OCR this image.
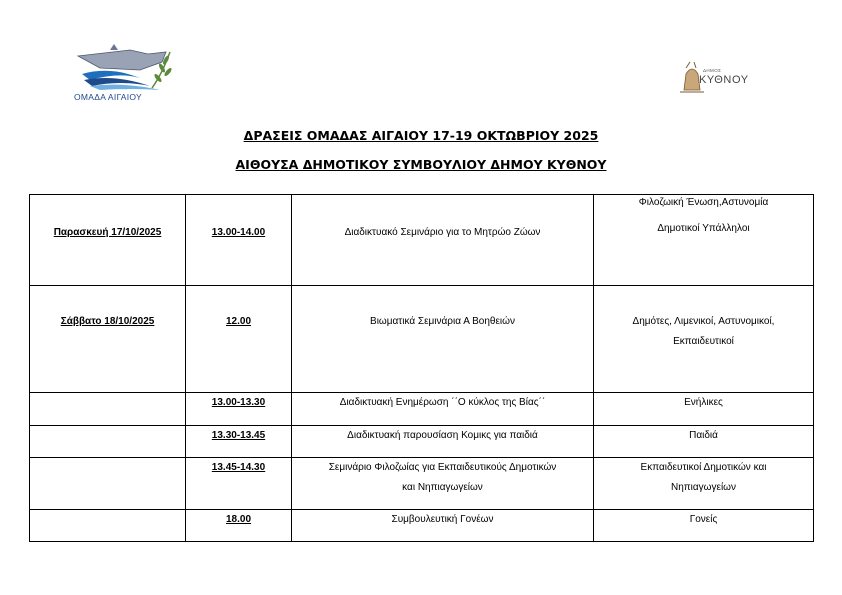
ΟΜΑΔΑ ΑΙΓΑΙΟΥ
ΔΗΜΟΣ
ΚΥΘΝΟΥ
ΔΡΑΣΕΙΣ ΟΜΑΔΑΣ ΑΙΓΑΙΟΥ 17-19 ΟΚΤΩΒΡΙΟΥ 2025
ΑΙΘΟΥΣΑ ΔΗΜΟΤΙΚΟΥ ΣΥΜΒΟΥΛΙΟΥ ΔΗΜΟΥ ΚΥΘΝΟΥ
Παρασκευή 17/10/2025	13.00-14.00	Διαδικτυακό Σεμινάριο για το Μητρώο Ζώων	Φιλοζωική Ένωση,Αστυνομία
Δημοτικοί Υπάλληλοι

Σάββατο 18/10/2025	12.00	Βιωματικά Σεμινάρια Α Βοηθειών	Δημότες, Λιμενικοί, Αστυνομικοί,
Εκπαιδευτικοί

	13.00-13.30	Διαδικτυακή Ενημέρωση ΄΄Ο κύκλος της Βίας΄΄	Ενήλικες
	13.30-13.45	Διαδικτυακή παρουσίαση Κομικς για παιδιά	Παιδιά
	13.45-14.30	Σεμινάριο Φιλοζωίας για Εκπαιδευτικούς Δημοτικών
και Νηπιαγωγείων	Εκπαιδευτικοί Δημοτικών και
Νηπιαγωγείων

	18.00	Συμβουλευτική Γονέων	Γονείς
